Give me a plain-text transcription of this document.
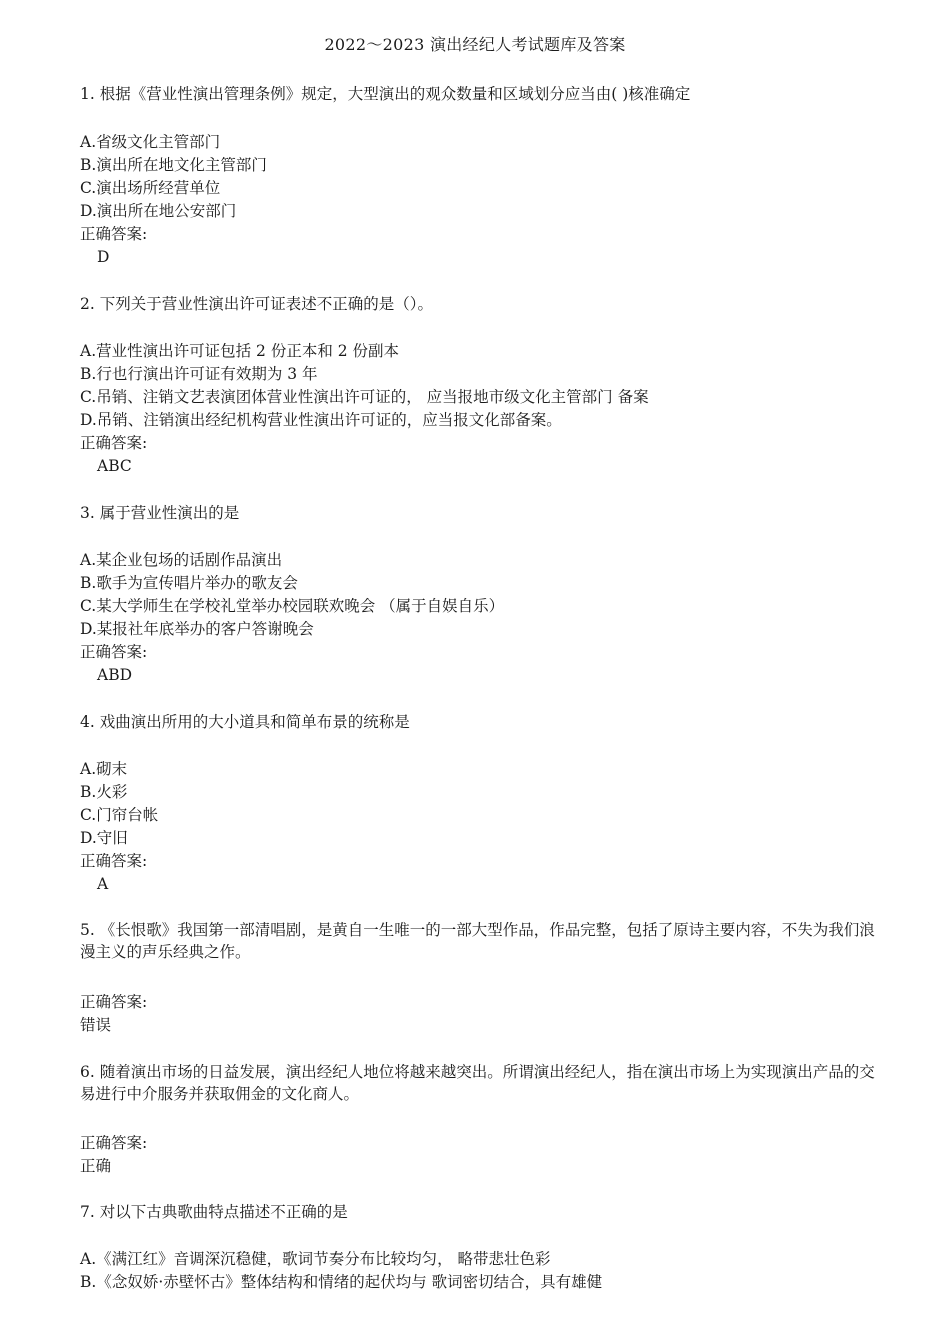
2022～2023 演出经纪人考试题库及答案
1. 根据《营业性演出管理条例》规定，大型演出的观众数量和区域划分应当由( )核准确定
A.省级文化主管部门
B.演出所在地文化主管部门
C.演出场所经营单位
D.演出所在地公安部门
正确答案:
D
2. 下列关于营业性演出许可证表述不正确的是（）。
A.营业性演出许可证包括 2 份正本和 2 份副本
B.行也行演出许可证有效期为 3 年
C.吊销、注销文艺表演团体营业性演出许可证的， 应当报地市级文化主管部门 备案
D.吊销、注销演出经纪机构营业性演出许可证的，应当报文化部备案。
正确答案:
ABC
3. 属于营业性演出的是
A.某企业包场的话剧作品演出
B.歌手为宣传唱片举办的歌友会
C.某大学师生在学校礼堂举办校园联欢晚会 （属于自娱自乐）
D.某报社年底举办的客户答谢晚会
正确答案:
ABD
4. 戏曲演出所用的大小道具和简单布景的统称是
A.砌末
B.火彩
C.门帘台帐
D.守旧
正确答案:
A
5. 《长恨歌》我国第一部清唱剧，是黄自一生唯一的一部大型作品，作品完整，包括了原诗主要内容，不失为我们浪漫主义的声乐经典之作。
正确答案:
错误
6. 随着演出市场的日益发展，演出经纪人地位将越来越突出。所谓演出经纪人，指在演出市场上为实现演出产品的交易进行中介服务并获取佣金的文化商人。
正确答案:
正确
7. 对以下古典歌曲特点描述不正确的是
A.《满江红》音调深沉稳健，歌词节奏分布比较均匀， 略带悲壮色彩
B.《念奴娇·赤壁怀古》整体结构和情绪的起伏均与 歌词密切结合，具有雄健
